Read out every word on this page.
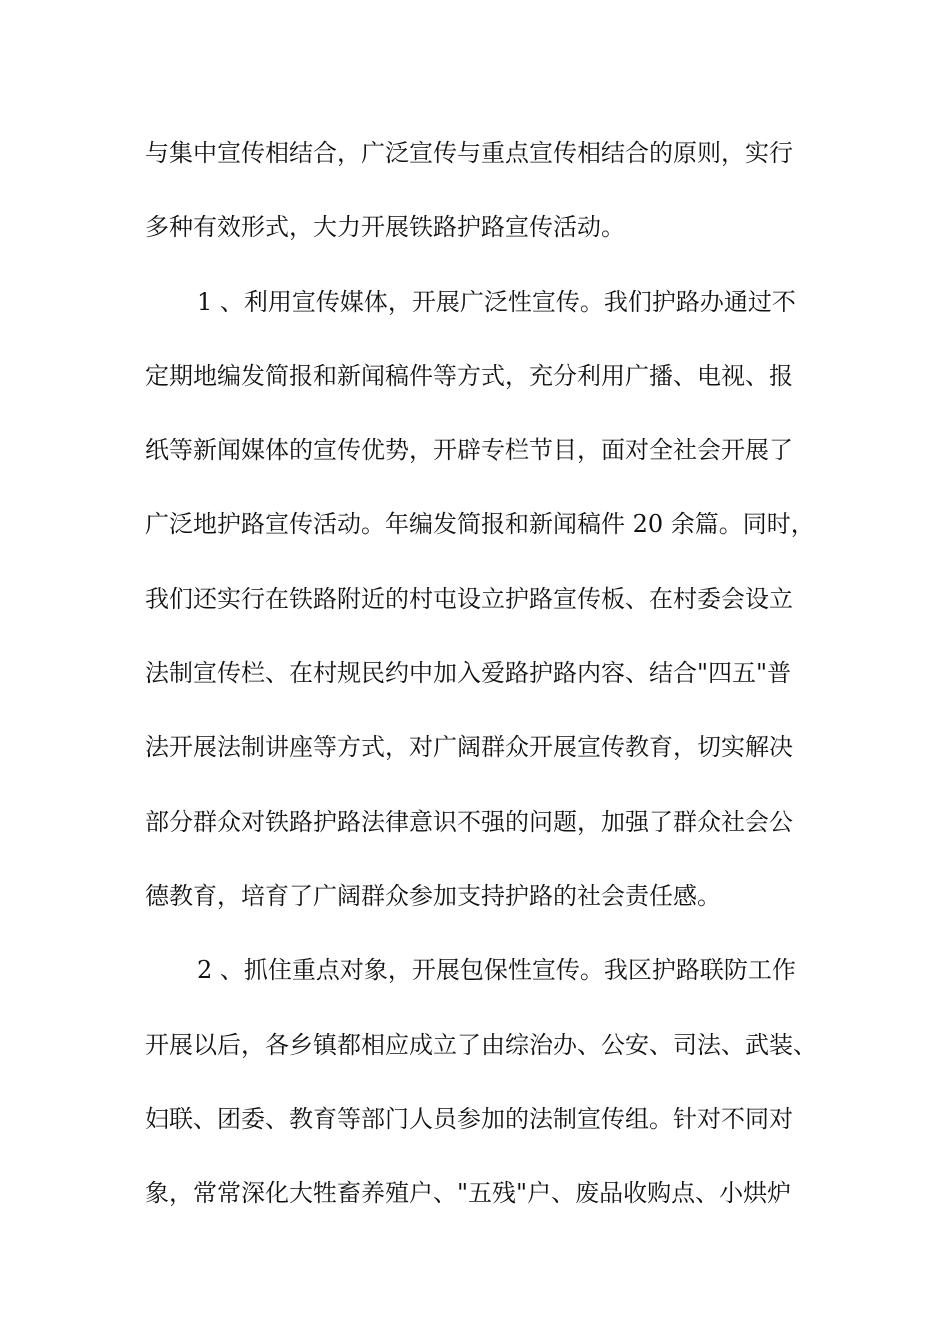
与集中宣传相结合，广泛宣传与重点宣传相结合的原则，实行
多种有效形式，大力开展铁路护路宣传活动。
1 、利用宣传媒体，开展广泛性宣传。我们护路办通过不
定期地编发简报和新闻稿件等方式，充分利用广播、电视、报
纸等新闻媒体的宣传优势，开辟专栏节目，面对全社会开展了
广泛地护路宣传活动。年编发简报和新闻稿件 20 余篇。同时，
我们还实行在铁路附近的村屯设立护路宣传板、在村委会设立
法制宣传栏、在村规民约中加入爱路护路内容、结合"四五"普
法开展法制讲座等方式，对广阔群众开展宣传教育，切实解决
部分群众对铁路护路法律意识不强的问题，加强了群众社会公
德教育，培育了广阔群众参加支持护路的社会责任感。
2 、抓住重点对象，开展包保性宣传。我区护路联防工作
开展以后，各乡镇都相应成立了由综治办、公安、司法、武装、
妇联、团委、教育等部门人员参加的法制宣传组。针对不同对
象，常常深化大牲畜养殖户、"五残"户、废品收购点、小烘炉
